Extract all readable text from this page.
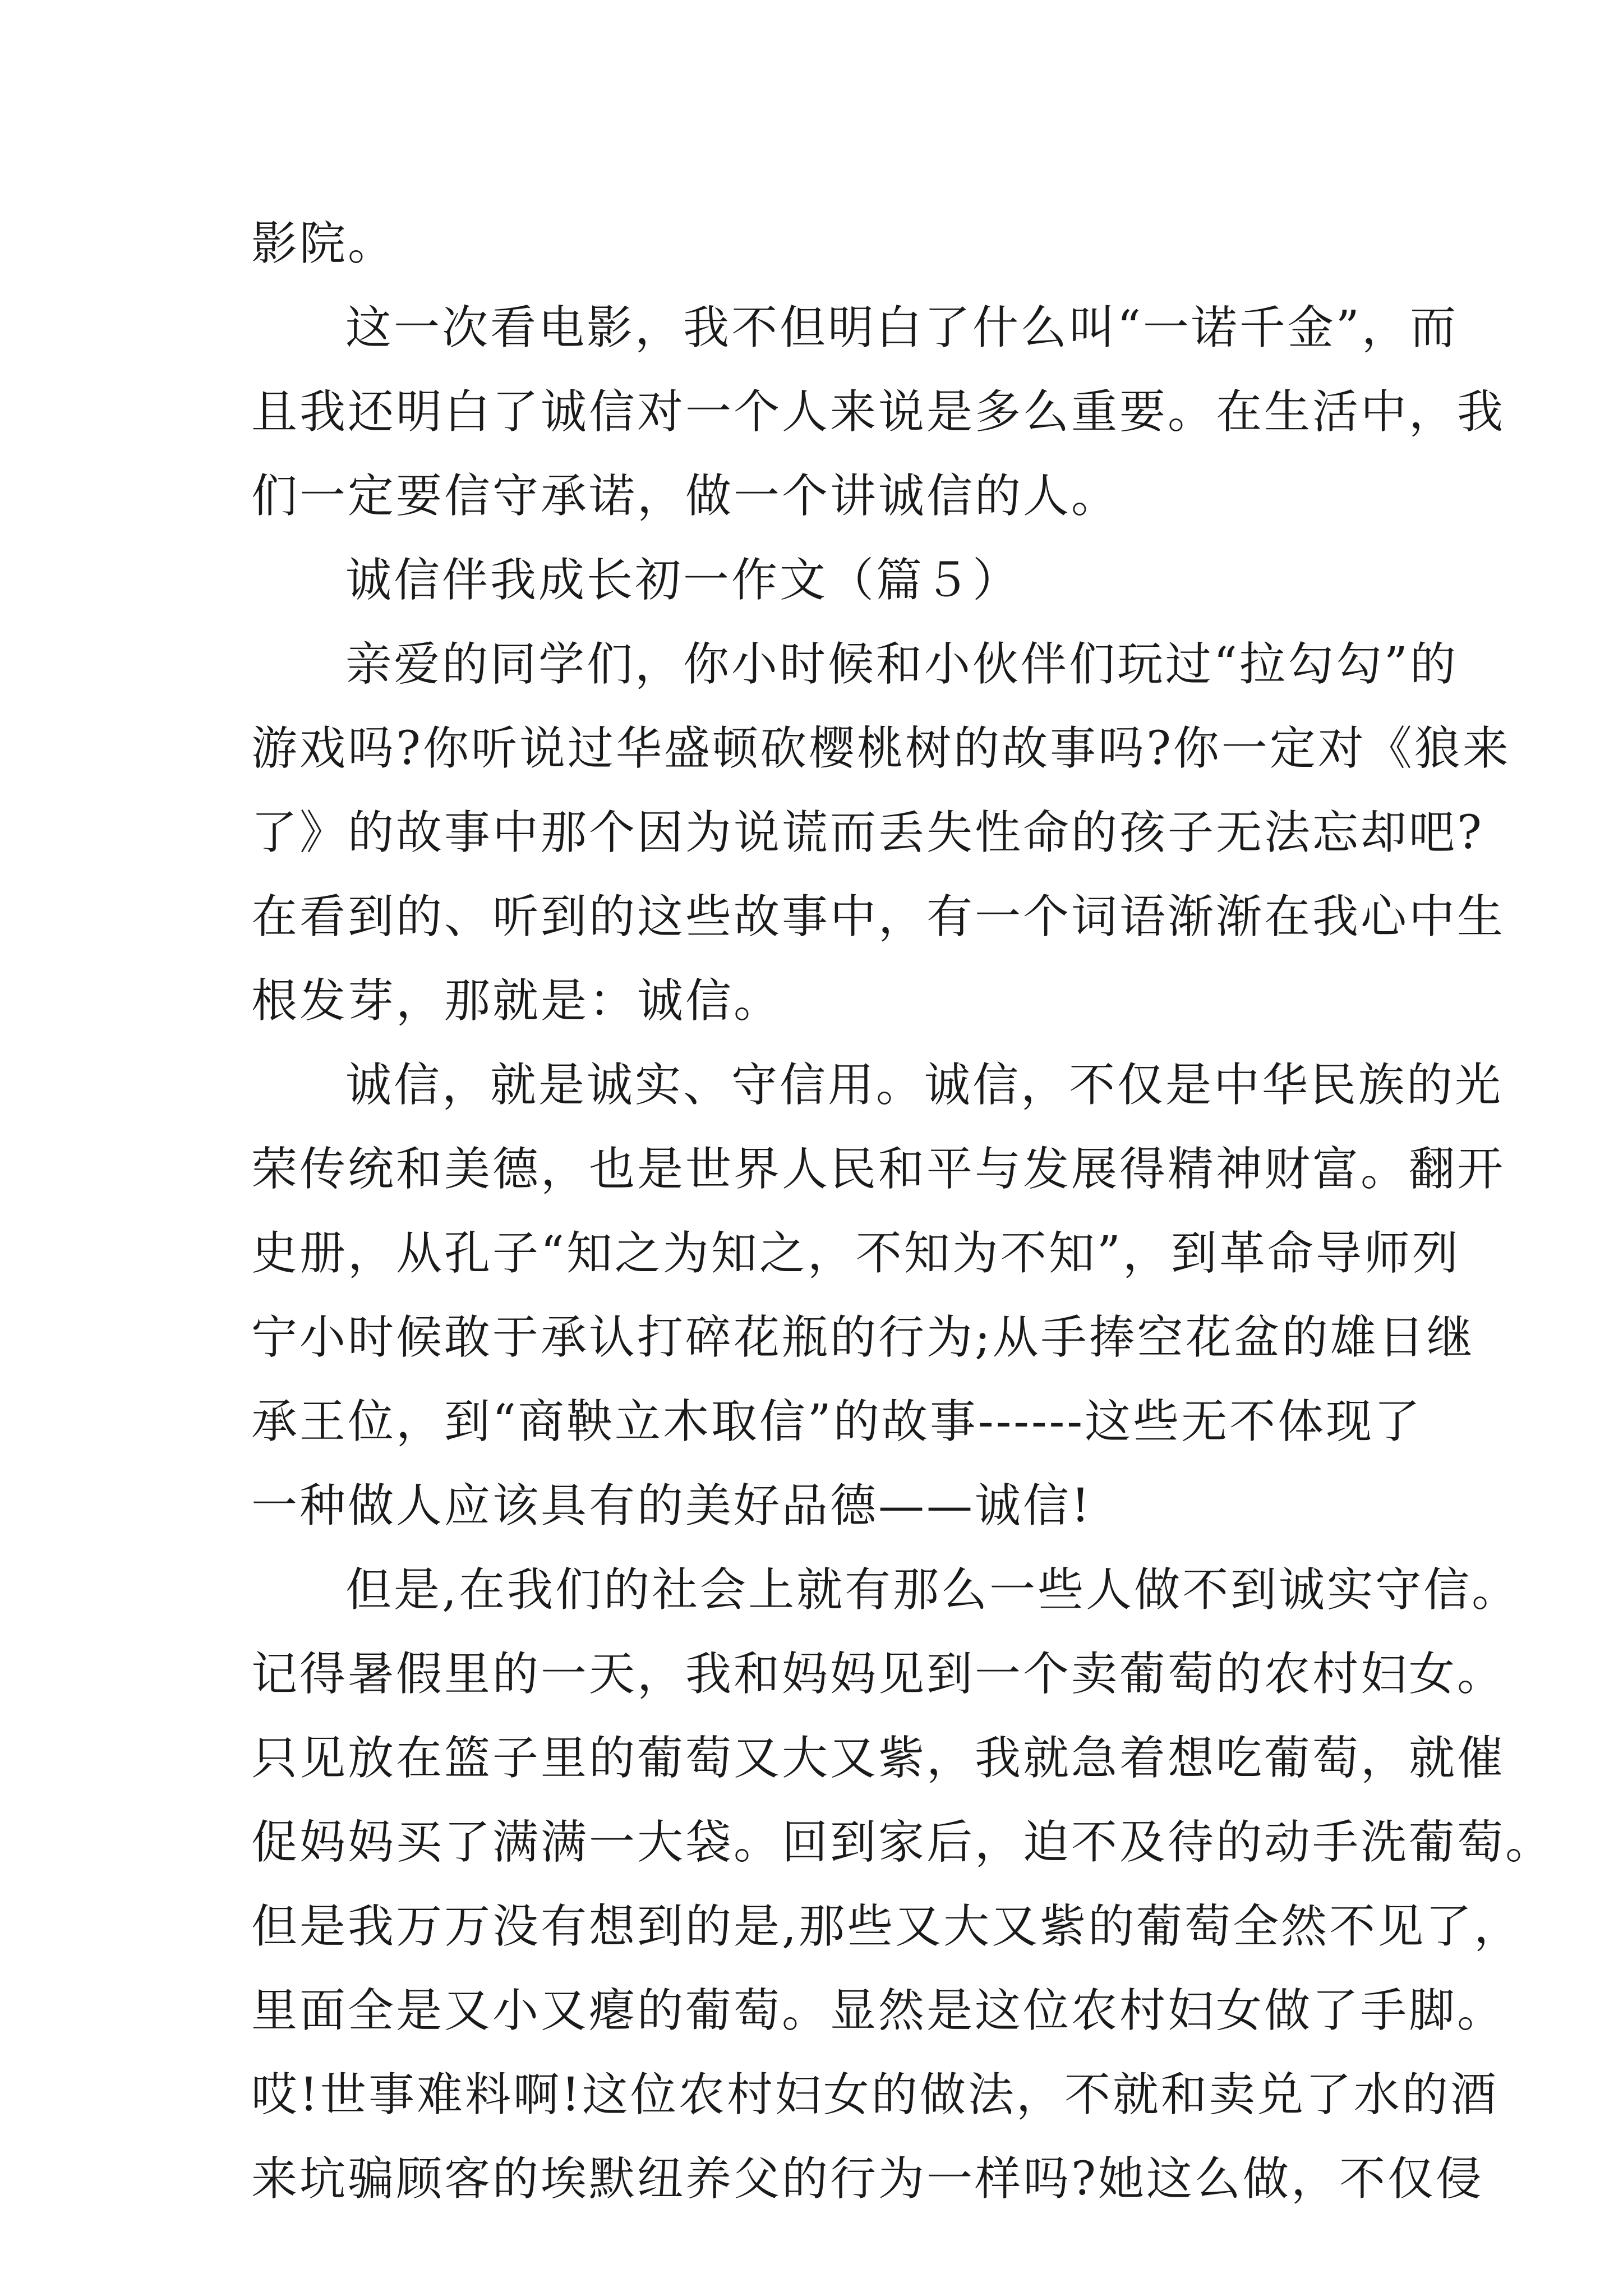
影院。
这一次看电影，我不但明白了什么叫“一诺千金”，而
且我还明白了诚信对一个人来说是多么重要。在生活中，我
们一定要信守承诺，做一个讲诚信的人。
诚信伴我成长初一作文（篇５）
亲爱的同学们，你小时候和小伙伴们玩过“拉勾勾”的
游戏吗?你听说过华盛顿砍樱桃树的故事吗?你一定对《狼来
了》的故事中那个因为说谎而丢失性命的孩子无法忘却吧?
在看到的、听到的这些故事中，有一个词语渐渐在我心中生
根发芽，那就是：诚信。
诚信，就是诚实、守信用。诚信，不仅是中华民族的光
荣传统和美德，也是世界人民和平与发展得精神财富。翻开
史册，从孔子“知之为知之，不知为不知”，到革命导师列
宁小时候敢于承认打碎花瓶的行为;从手捧空花盆的雄日继
承王位，到“商鞅立木取信”的故事------这些无不体现了
一种做人应该具有的美好品德——诚信!
但是,在我们的社会上就有那么一些人做不到诚实守信。
记得暑假里的一天，我和妈妈见到一个卖葡萄的农村妇女。
只见放在篮子里的葡萄又大又紫，我就急着想吃葡萄，就催
促妈妈买了满满一大袋。回到家后，迫不及待的动手洗葡萄。
但是我万万没有想到的是,那些又大又紫的葡萄全然不见了，
里面全是又小又瘪的葡萄。显然是这位农村妇女做了手脚。
哎!世事难料啊!这位农村妇女的做法，不就和卖兑了水的酒
来坑骗顾客的埃默纽养父的行为一样吗?她这么做，不仅侵
